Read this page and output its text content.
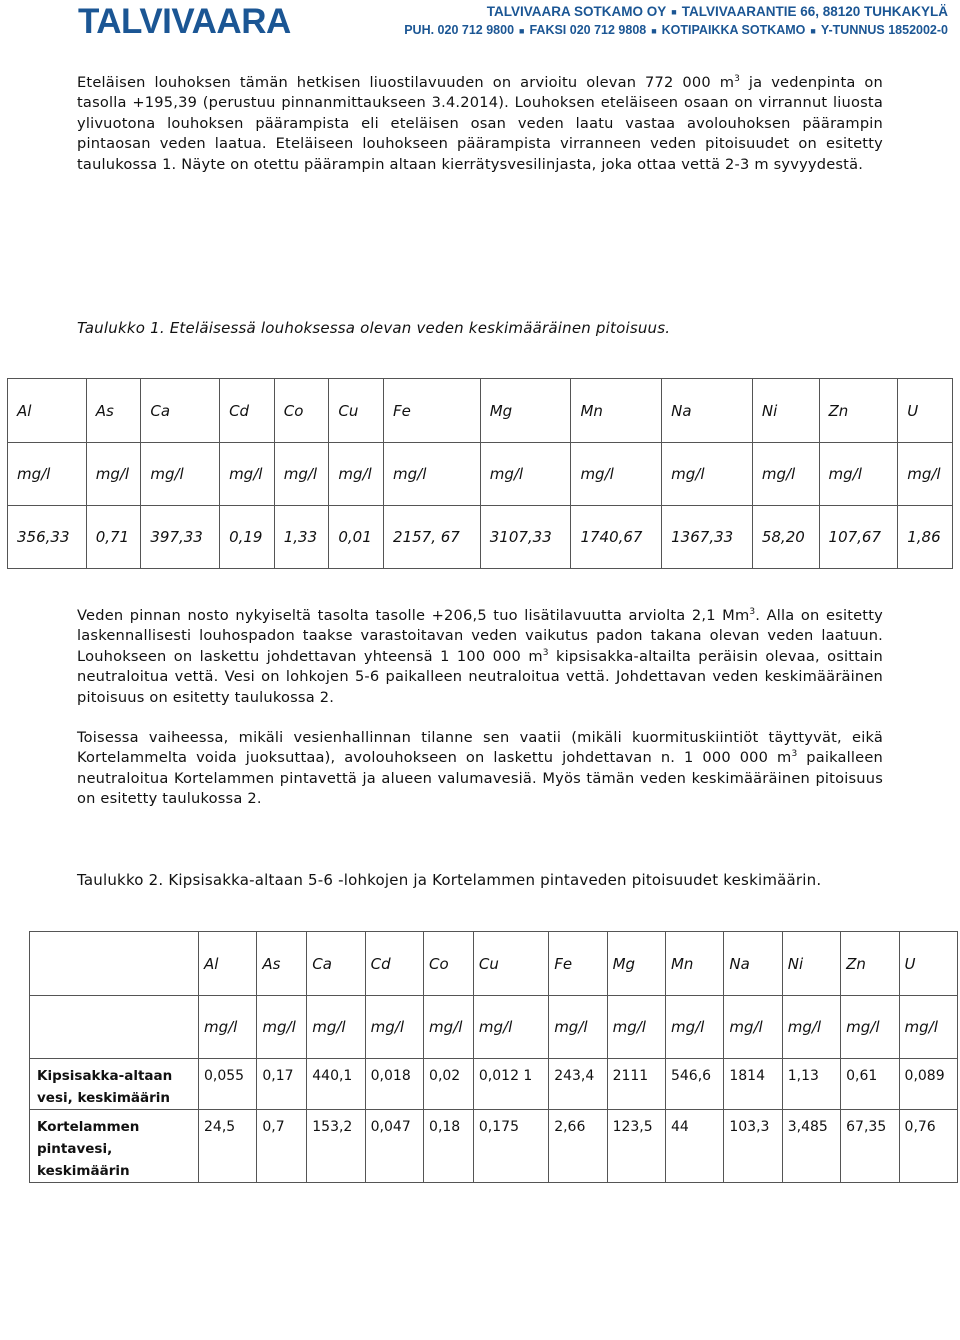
TALVIVAARA	TALVIVAARA SOTKAMO OY ■ TALVIVAARANTIE 66, 88120 TUHKAKYLÄ
PUH. 020 712 9800 ■ FAKSI 020 712 9808 ■ KOTIPAIKKA SOTKAMO ■ Y-TUNNUS 1852002-0
Eteläisen louhoksen tämän hetkisen liuostilavuuden on arvioitu olevan 772 000 $m^3$ ja vedenpinta on tasolla +195,39 (perustuu pinnanmittaukseen 3.4.2014). Louhoksen eteläiseen osaan on virrannut liuosta ylivuotona louhoksen päärampista eli eteläisen osan veden laatu vastaa avolouhoksen päärampin pintaosan veden laatua. Eteläiseen louhokseen päärampista virranneen veden pitoisuudet on esitetty taulukossa 1. Näyte on otettu päärampin altaan kierrätysvesilinjasta, joka ottaa vettä 2-3 m syvyydestä.
Taulukko 1. Eteläisessä louhoksessa olevan veden keskimääräinen pitoisuus.
Al	As	Ca	Cd	Co	Cu	Fe	Mg	Mn	Na	Ni	Zn	U
mg/l	mg/l	mg/l	mg/l	mg/l	mg/l	mg/l	mg/l	mg/l	mg/l	mg/l	mg/l	mg/l
356,33	0,71	397,33	0,19	1,33	0,01	2157, 67	3107,33	1740,67	1367,33	58,20	107,67	1,86
Veden pinnan nosto nykyiseltä tasolta tasolle +206,5 tuo lisätilavuutta arviolta 2,1 Mm$^3$. Alla on esitetty laskennallisesti louhospadon taakse varastoitavan veden vaikutus padon takana olevan veden laatuun. Louhokseen on laskettu johdettavan yhteensä 1 100 000 $m^3$ kipsisakka-altailta peräisin olevaa, osittain neutraloitua vettä. Vesi on lohkojen 5-6 paikalleen neutraloitua vettä. Johdettavan veden keskimääräinen pitoisuus on esitetty taulukossa 2.
Toisessa vaiheessa, mikäli vesienhallinnan tilanne sen vaatii (mikäli kuormituskiintiöt täyttyvät, eikä Kortelammelta voida juoksuttaa), avolouhokseen on laskettu johdettavan n. 1 000 000 $m^3$ paikalleen neutraloitua Kortelammen pintavettä ja alueen valumavesiä. Myös tämän veden keskimääräinen pitoisuus on esitetty taulukossa 2.
Taulukko 2. Kipsisakka-altaan 5-6 -lohkojen ja Kortelammen pintaveden pitoisuudet keskimäärin.
	Al	As	Ca	Cd	Co	Cu	Fe	Mg	Mn	Na	Ni	Zn	U
	mg/l	mg/l	mg/l	mg/l	mg/l	mg/l	mg/l	mg/l	mg/l	mg/l	mg/l	mg/l	mg/l
Kipsisakka-altaan vesi, keskimäärin	0,055	0,17	440,1	0,018	0,02	0,012 1	243,4	2111	546,6	1814	1,13	0,61	0,089
Kortelammen pintavesi, keskimäärin	24,5	0,7	153,2	0,047	0,18	0,175	2,66	123,5	44	103,3	3,485	67,35	0,76
